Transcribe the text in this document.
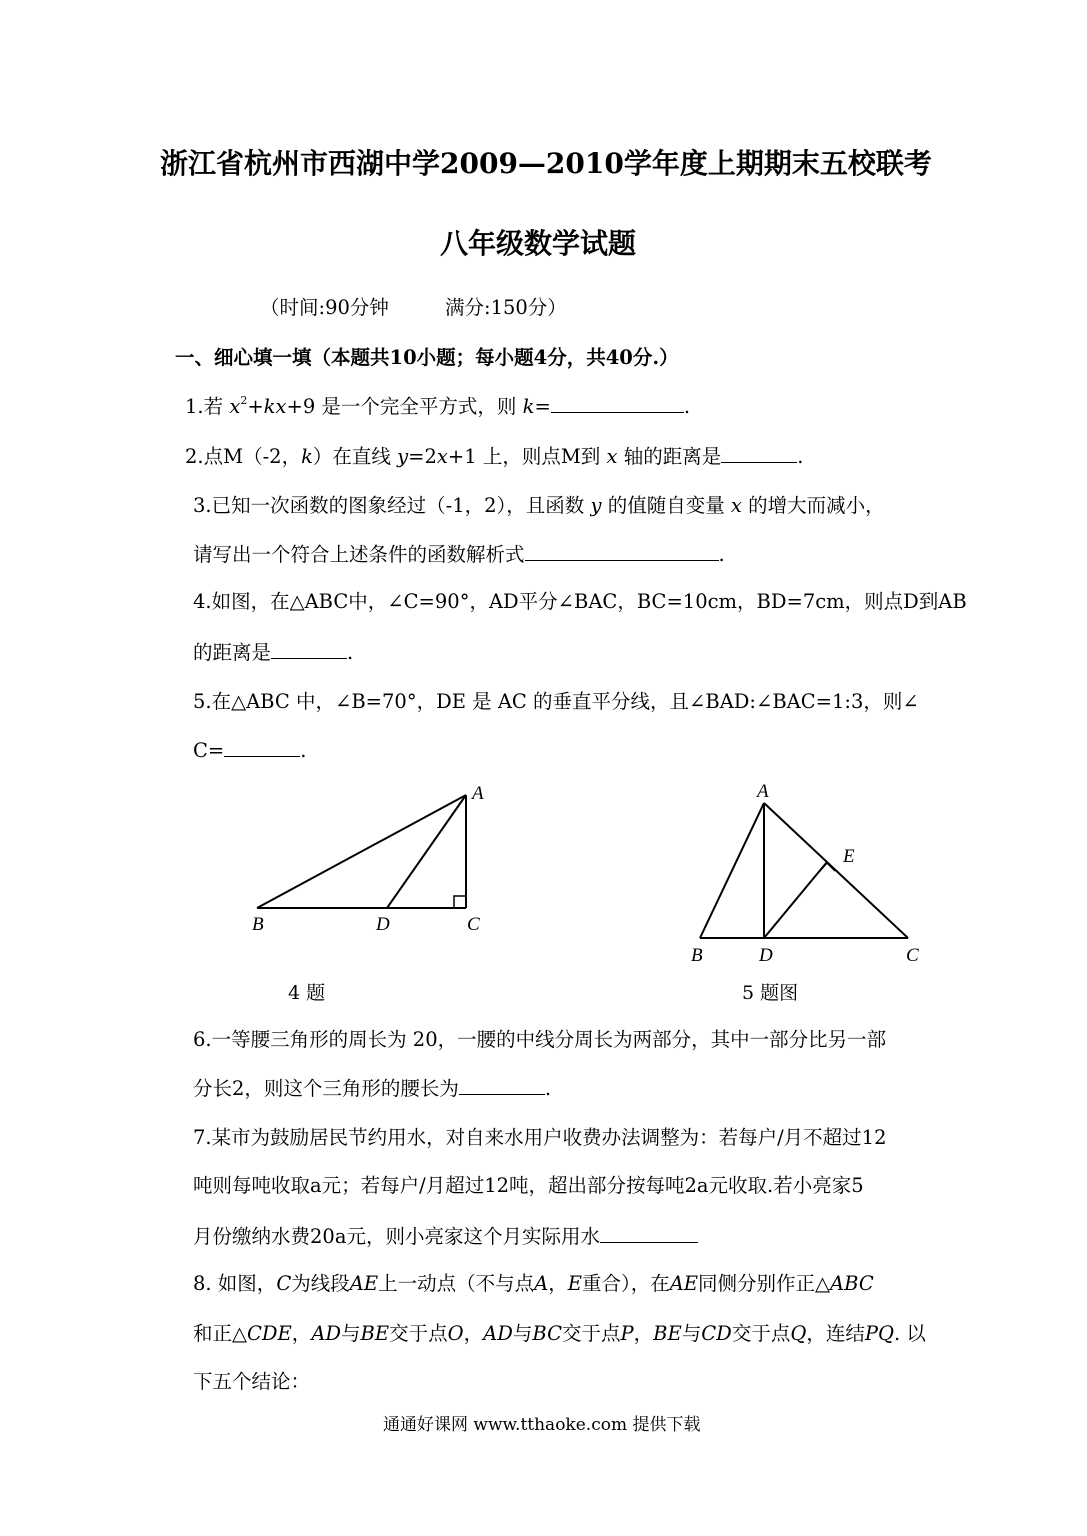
浙江省杭州市西湖中学2009—2010学年度上期期末五校联考
八年级数学试题
（时间:90分钟	满分:150分）
一、细心填一填（本题共10小题；每小题4分，共40分.）
1.若 $x^2+kx+9$ 是一个完全平方式，则 k=	.
2.点M（-2，k）在直线 y=2x+1 上，则点M到 x 轴的距离是	.
3.已知一次函数的图象经过（-1，2），且函数 y 的值随自变量 x 的增大而减小，
请写出一个符合上述条件的函数解析式	.
4.如图，在△ABC中，∠C=90°，AD平分∠BAC，BC=10cm，BD=7cm，则点D到AB
的距离是	.
5.在△ABC 中，∠B=70°，DE 是 AC 的垂直平分线，且∠BAD:∠BAC=1:3，则∠
C=	.
A
B	D	C
4 题
A
E
B	D	C
5 题图
6.一等腰三角形的周长为 20，一腰的中线分周长为两部分，其中一部分比另一部
分长2，则这个三角形的腰长为	.
7.某市为鼓励居民节约用水，对自来水用户收费办法调整为：若每户/月不超过12
吨则每吨收取a元；若每户/月超过12吨，超出部分按每吨2a元收取.若小亮家5
月份缴纳水费20a元，则小亮家这个月实际用水
8. 如图，C为线段AE上一动点（不与点A，E重合），在AE同侧分别作正△ABC
和正△CDE，AD与BE交于点O，AD与BC交于点P，BE与CD交于点Q，连结PQ. 以
下五个结论：
通通好课网 www.tthaoke.com 提供下载
